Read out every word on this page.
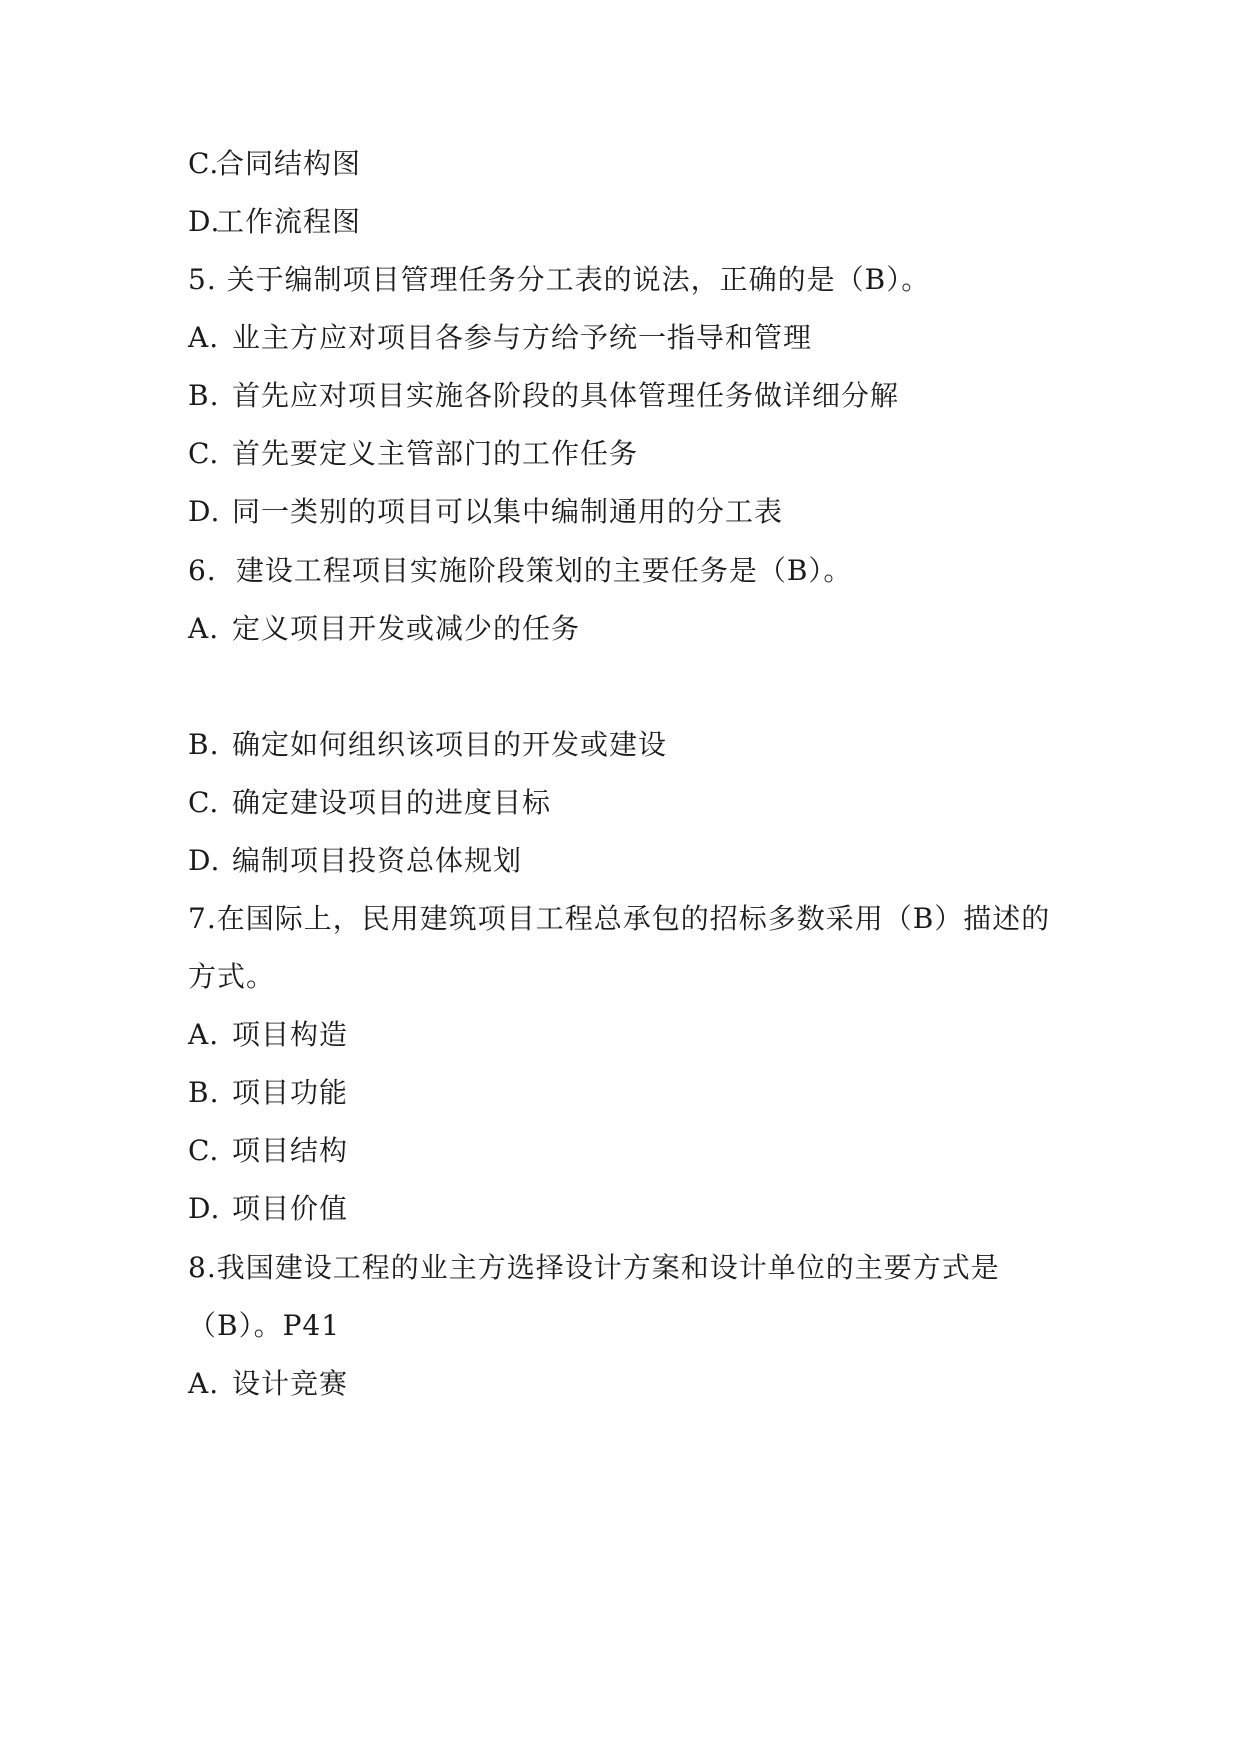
C.合同结构图
D.工作流程图
5. 关于编制项目管理任务分工表的说法，正确的是（B）。
A. 业主方应对项目各参与方给予统一指导和管理
B. 首先应对项目实施各阶段的具体管理任务做详细分解
C. 首先要定义主管部门的工作任务
D. 同一类别的项目可以集中编制通用的分工表
6．建设工程项目实施阶段策划的主要任务是（B）。
A. 定义项目开发或减少的任务
B. 确定如何组织该项目的开发或建设
C. 确定建设项目的进度目标
D. 编制项目投资总体规划
7.在国际上，民用建筑项目工程总承包的招标多数采用（B）描述的
方式。
A. 项目构造
B. 项目功能
C. 项目结构
D. 项目价值
8.我国建设工程的业主方选择设计方案和设计单位的主要方式是
（B）。P41
A. 设计竞赛
